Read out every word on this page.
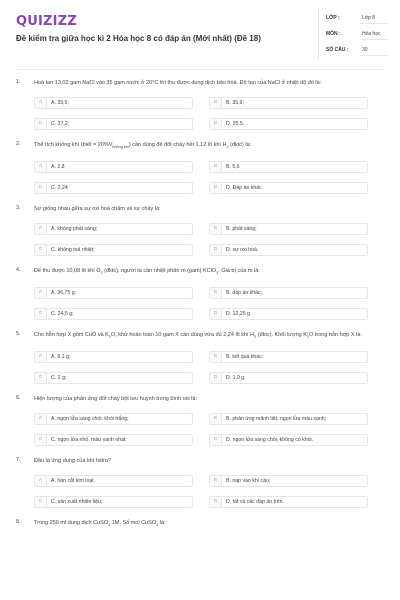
QUIZIZZ
Đề kiểm tra giữa học kì 2 Hóa học 8 có đáp án (Mới nhất) (Đề 18)
LỚP :	Lớp 8
MÔN :	Hóa học
SỐ CÂU :	30
1. Hoà tan 13,02 gam NaCl vào 35 gam nước ở 20°C thì thu được dung dịch bão hoà. Độ tan của NaCl ở nhiệt độ đó là:
A	A. 39,5;	B	B. 35,9;
C	C. 37,2;	D	D. 35,5.
2. Thể tích không khí (biết = $20\%V_{không khí}$) cần dùng để đốt cháy hết 1,12 lít khí $H_2$ (đktc) là:
A	A. 2,8	B	B. 5,6
C	C. 2,24	D	D. Đáp án khác
3. Sự giống nhau giữa sự oxi hoá chậm và sự cháy là:
A	A. không phát sáng;	B	B. phát sáng;
C	C. không toả nhiệt;	D	D. sự oxi hoá.
4. Để thu được 10,08 lít khí $O_2$ (đktc), người ta cần nhiệt phân m (gam) KClO$_3$. Giá trị của m là:
A	A. 36,75 g;	B	B. đáp án khác;
C	C. 24,5 g;	D	D. 12,25 g.
5. Cho hỗn hợp X gồm CuO và $K_2O$, khử hoàn toàn 10 gam X cần dùng vừa đủ 2,24 lít khí $H_2$ (đktc). Khối lượng $K_2O$ trong hỗn hợp X là:
A	A. 8,1 g;	B	B. kết quả khác;
C	C. 2 g;	D	D. 1,9 g.
6. Hiện tượng của phản ứng đốt cháy bột lưu huỳnh trong bình oxi là:
A	A. ngọn lửa sáng chói, khói trắng;	B	B. phản ứng mãnh liệt, ngọn lửa màu xanh;
C	C. ngọn lửa nhỏ, màu xanh nhạt;	D	D. ngọn lửa sáng chói, không có khói.
7. Đâu là ứng dụng của khí hidro?
A	A. hàn cắt kim loại;	B	B. nạp vào khí cầu;
C	C. sản xuất nhiên liệu;	D	D. tất cả các đáp án trên.
8. Trong 250 ml dung dịch CuSO$_4$ 1M. Số mol CuSO$_4$ là:
